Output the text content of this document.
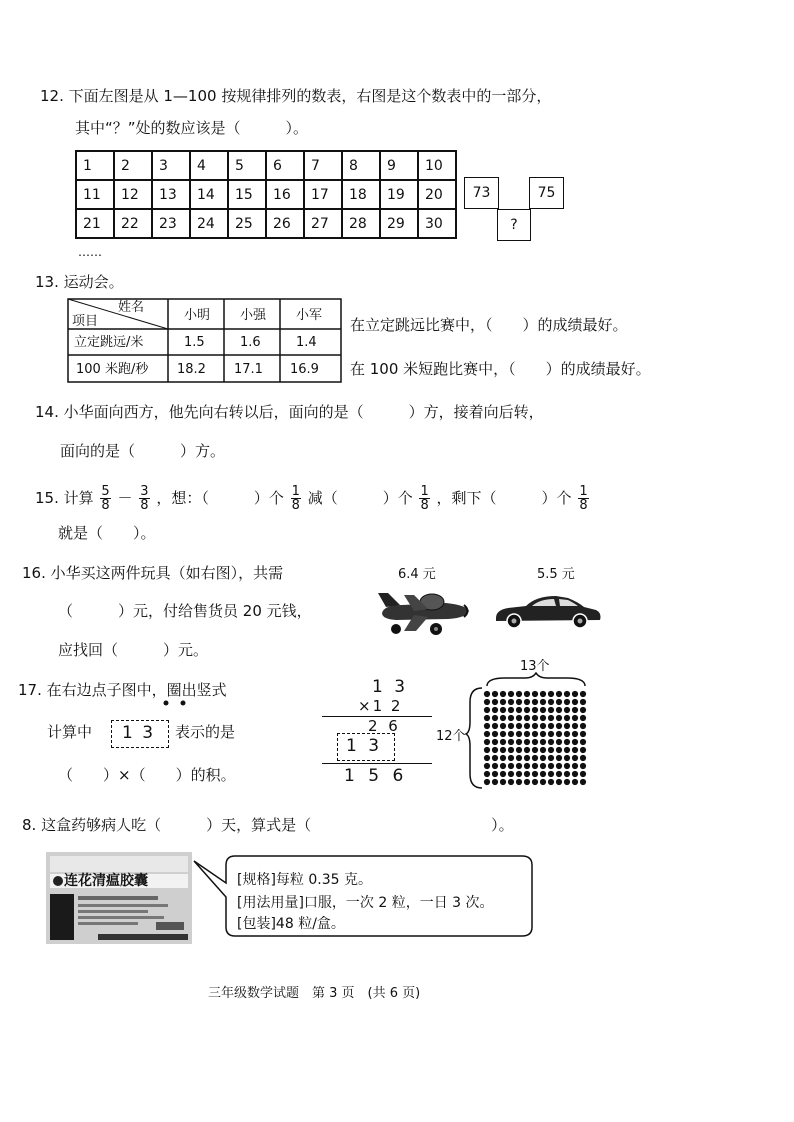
12. 下面左图是从 1—100 按规律排列的数表，右图是这个数表中的一部分，
其中“？”处的数应该是（　　　）。
1	2	3	4	5	6	7	8	9	10
11	12	13	14	15	16	17	18	19	20
21	22	23	24	25	26	27	28	29	30
……
73	75
?
13. 运动会。
姓名
项目	小明 小强 小军
立定跳远/米	1.5	1.6	1.4
100 米跑/秒 18.2 17.1 16.9
在立定跳远比赛中，（　　）的成绩最好。
在 100 米短跑比赛中，（　　）的成绩最好。
14. 小华面向西方，他先向右转以后，面向的是（　　　）方，接着向后转，
面向的是（　　　）方。
15. 计算 $\frac{5}{8} - \frac{3}{8}$ ，想：（　　　）个 $\frac{1}{8}$ 减（　　　）个 $\frac{1}{8}$ ，剩下（　　　）个 $\frac{1}{8}$
就是（　　）。
16. 小华买这两件玩具（如右图），共需
（　　　）元，付给售货员 20 元钱，
应找回（　　　）元。
6.4 元	5.5 元
17. 在右边点子图中，圈出竖式
计算中 1 3 表示的是
（　　）×（　　）的积。
1 3
×1 2
2 6
1 3
1 5 6
13个
12个
8. 这盒药够病人吃（　　　）天，算式是（　　　　　　　　　　　　）。
连花清瘟胶囊	[规格]每粒 0.35 克。
[用法用量]口服，一次 2 粒，一日 3 次。
[包装]48 粒/盒。
三年级数学试题　第 3 页　(共 6 页)
